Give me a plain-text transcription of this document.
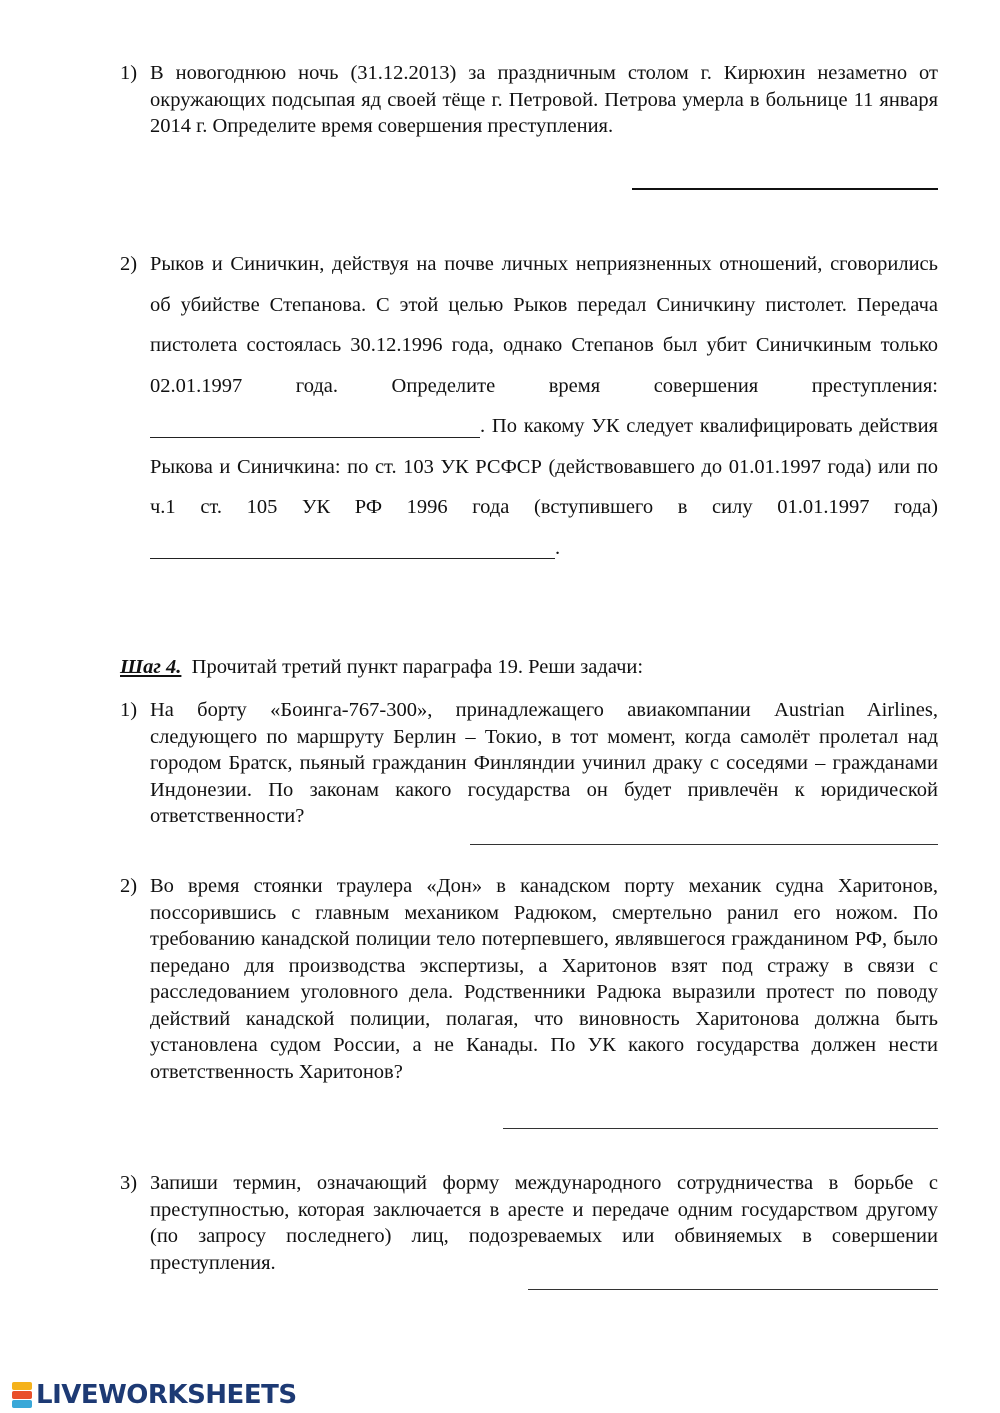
1) В новогоднюю ночь (31.12.2013) за праздничным столом г. Кирюхин незаметно от окружающих подсыпая яд своей тёще г. Петровой. Петрова умерла в больнице 11 января 2014 г. Определите время совершения преступления.
2) Рыков и Синичкин, действуя на почве личных неприязненных отношений, сговорились об убийстве Степанова. С этой целью Рыков передал Синичкину пистолет. Передача пистолета состоялась 30.12.1996 года, однако Степанов был убит Синичкиным только 02.01.1997 года. Определите время совершения преступления: . По какому УК следует квалифицировать действия Рыкова и Синичкина: по ст. 103 УК РСФСР (действовавшего до 01.01.1997 года) или по ч.1 ст. 105 УК РФ 1996 года (вступившего в силу 01.01.1997 года).
Шаг 4. Прочитай третий пункт параграфа 19. Реши задачи:
1) На борту «Боинга-767-300», принадлежащего авиакомпании Austrian Airlines, следующего по маршруту Берлин – Токио, в тот момент, когда самолёт пролетал над городом Братск, пьяный гражданин Финляндии учинил драку с соседями – гражданами Индонезии. По законам какого государства он будет привлечён к юридической ответственности?
2) Во время стоянки траулера «Дон» в канадском порту механик судна Харитонов, поссорившись с главным механиком Радюком, смертельно ранил его ножом. По требованию канадской полиции тело потерпевшего, являвшегося гражданином РФ, было передано для производства экспертизы, а Харитонов взят под стражу в связи с расследованием уголовного дела. Родственники Радюка выразили протест по поводу действий канадской полиции, полагая, что виновность Харитонова должна быть установлена судом России, а не Канады. По УК какого государства должен нести ответственность Харитонов?
3) Запиши термин, означающий форму международного сотрудничества в борьбе с преступностью, которая заключается в аресте и передаче одним государством другому (по запросу последнего) лиц, подозреваемых или обвиняемых в совершении преступления.
LIVEWORKSHEETS
